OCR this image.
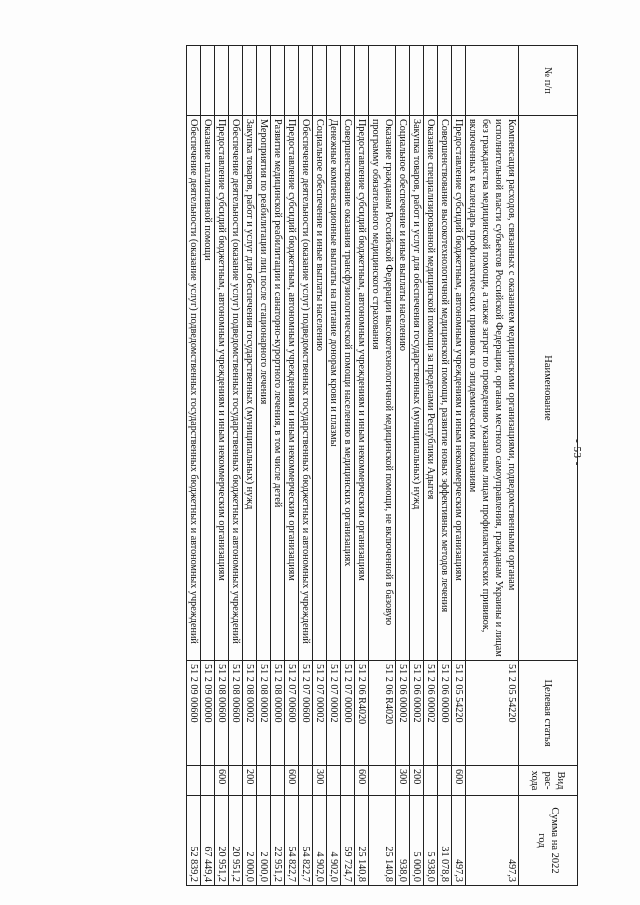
- 53 -
№ п/п	Наименование	Целевая статья	Вид рас-хода	Сумма на 2022 год
	Компенсация расходов, связанных с оказанием медицинскими организациями, подведомственными органам исполнительной власти субъектов Российской Федерации, органам местного самоуправления, гражданам Украины и лицам без гражданства медицинской помощи, а также затрат по проведению указанным лицам профилактических прививок, включенных в календарь профилактических прививок по эпидемическим показаниям	51 2 05 54220		497,3
	Предоставление субсидий бюджетным, автономным учреждениям и иным некоммерческим организациям	51 2 05 54220	600	497,3
	Совершенствование высокотехнологичной медицинской помощи, развитие новых эффективных методов лечения	51 2 06 00000		31 078,8
	Оказание специализированной медицинской помощи за пределами Республики Адыгея	51 2 06 00002		5 938,0
	Закупка товаров, работ и услуг для обеспечения государственных (муниципальных) нужд	51 2 06 00002	200	5 000,0
	Социальное обеспечение и иные выплаты населению	51 2 06 00002	300	938,0
	Оказание гражданам Российской Федерации высокотехнологичной медицинской помощи, не включенной в базовую программу обязательного медицинского страхования	51 2 06 R4020		25 140,8
	Предоставление субсидий бюджетным, автономным учреждениям и иным некоммерческим организациям	51 2 06 R4020	600	25 140,8
	Совершенствование оказания трансфузиологической помощи населению в медицинских организациях	51 2 07 00000		59 724,7
	Денежные компенсационные выплаты на питание донорам крови и плазмы	51 2 07 00002		4 902,0
	Социальное обеспечение и иные выплаты населению	51 2 07 00002	300	4 902,0
	Обеспечение деятельности (оказание услуг) подведомственных государственных бюджетных и автономных учреждений	51 2 07 00600		54 822,7
	Предоставление субсидий бюджетным, автономным учреждениям и иным некоммерческим организациям	51 2 07 00600	600	54 822,7
	Развитие медицинской реабилитации и санаторно-курортного лечения, в том числе детей	51 2 08 00000		22 951,2
	Мероприятия по реабилитации лиц после стационарного лечения	51 2 08 00002		2 000,0
	Закупка товаров, работ и услуг для обеспечения государственных (муниципальных) нужд	51 2 08 00002	200	2 000,0
	Обеспечение деятельности (оказание услуг) подведомственных государственных бюджетных и автономных учреждений	51 2 08 00600		20 951,2
	Предоставление субсидий бюджетным, автономным учреждениям и иным некоммерческим организациям	51 2 08 00600	600	20 951,2
	Оказание паллиативной помощи	51 2 09 00000		67 449,4
	Обеспечение деятельности (оказание услуг) подведомственных государственных бюджетных и автономных учреждений	51 2 09 00600		52 839,2
